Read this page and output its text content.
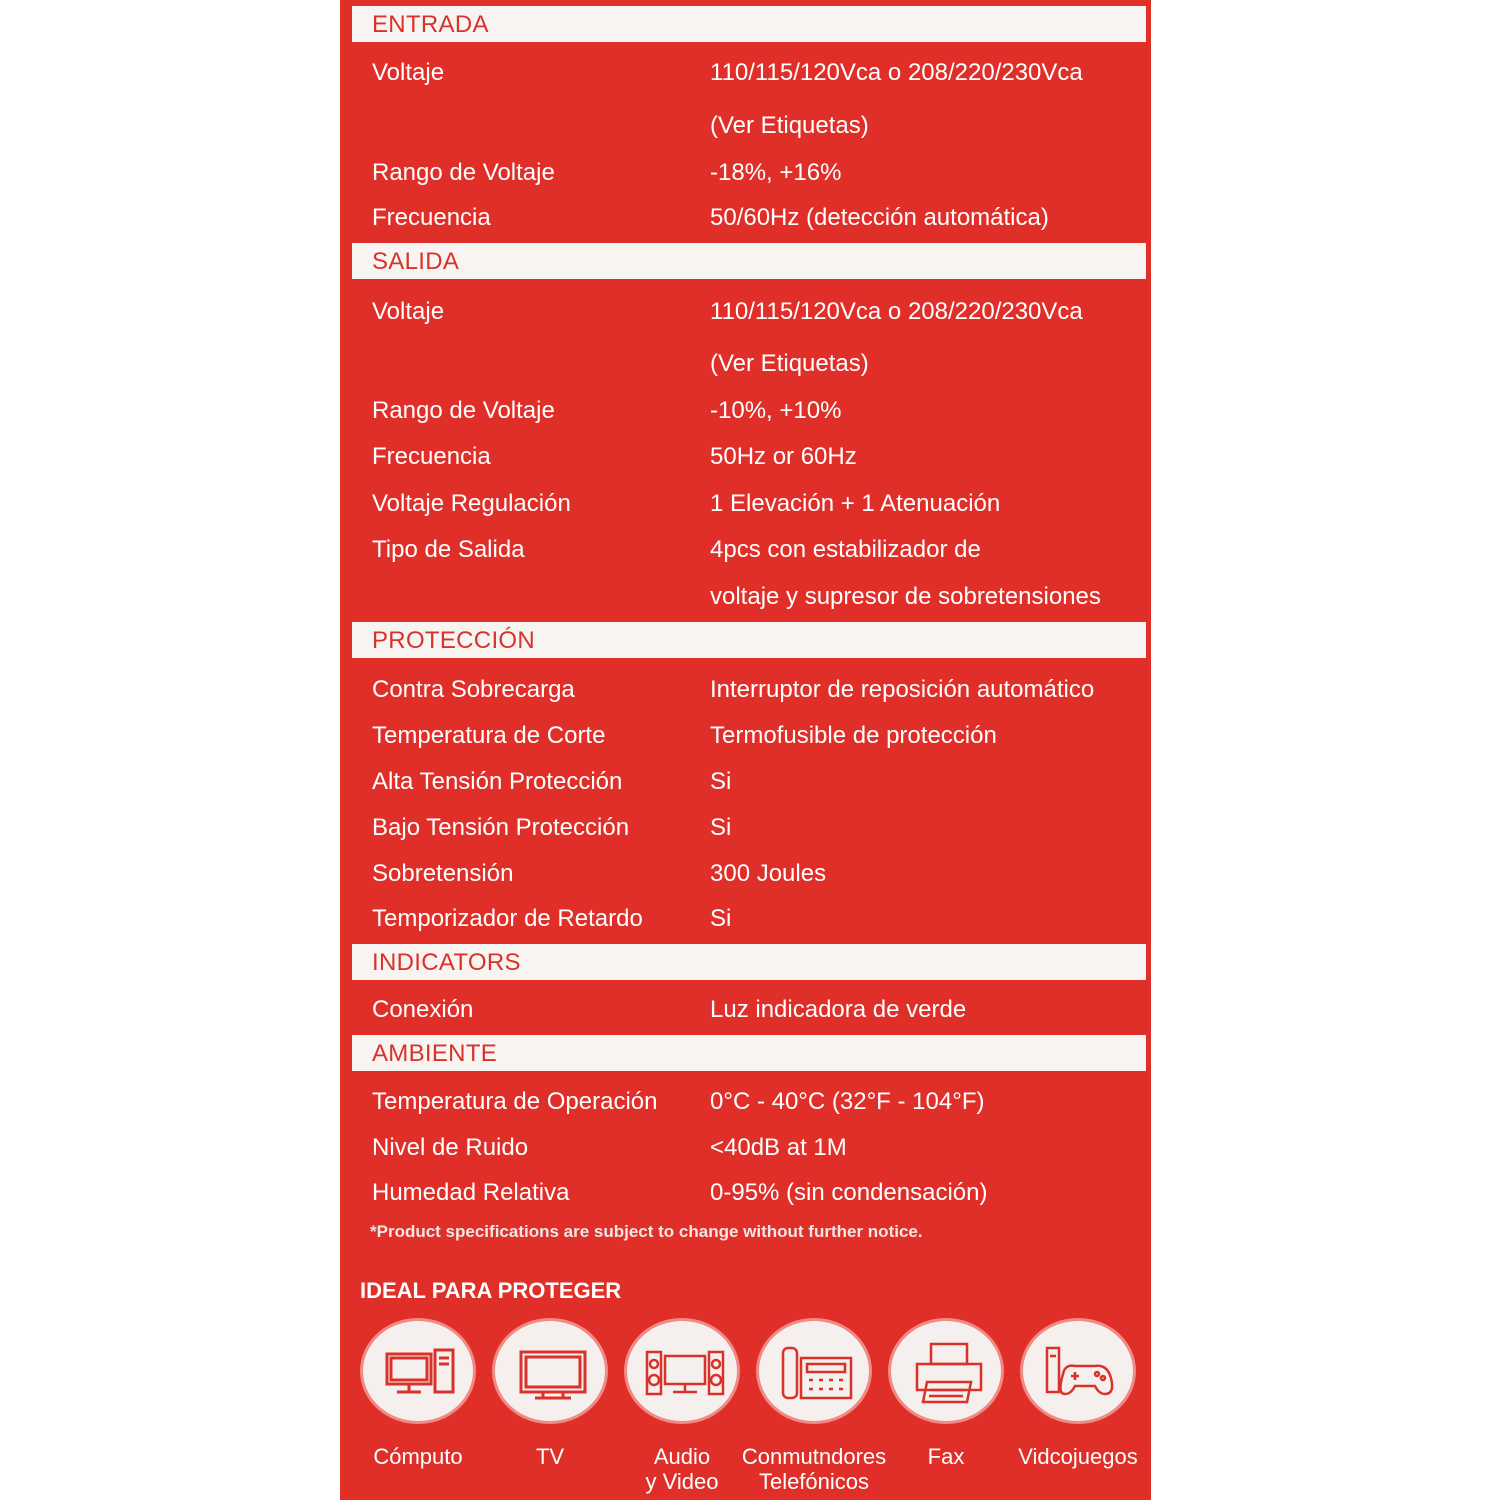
ENTRADA
Voltaje	110/115/120Vca o 208/220/230Vca
(Ver Etiquetas)
Rango de Voltaje	-18%, +16%
Frecuencia	50/60Hz (detección automática)
SALIDA
Voltaje	110/115/120Vca o 208/220/230Vca
(Ver Etiquetas)
Rango de Voltaje	-10%, +10%
Frecuencia	50Hz or 60Hz
Voltaje Regulación	1 Elevación + 1 Atenuación
Tipo de Salida	4pcs con estabilizador de
voltaje y supresor de sobretensiones
PROTECCIÓN
Contra Sobrecarga	Interruptor de reposición automático
Temperatura de Corte	Termofusible de protección
Alta Tensión Protección	Si
Bajo Tensión Protección	Si
Sobretensión	300 Joules
Temporizador de Retardo	Si
INDICATORS
Conexión	Luz indicadora de verde
AMBIENTE
Temperatura de Operación 0°C - 40°C (32°F - 104°F)
Nivel de Ruido	<40dB at 1M
Humedad Relativa	0-95% (sin condensación)
*Product specifications are subject to change without further notice.
IDEAL PARA PROTEGER
Cómputo	TV	Audio
y Video
Conmutndores
Telefónicos
Fax	Vidcojuegos
